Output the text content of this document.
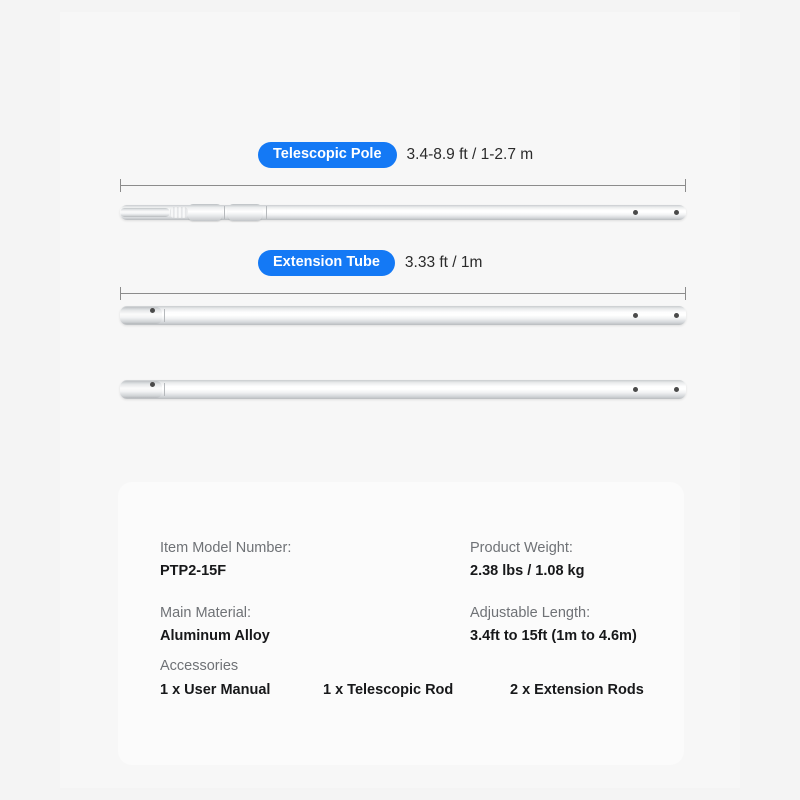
Telescopic Pole	3.4-8.9 ft / 1-2.7 m
Extension Tube	3.33 ft / 1m
Item Model Number:
PTP2-15F
Main Material:
Aluminum Alloy
Product Weight:
2.38 lbs / 1.08 kg
Adjustable Length:
3.4ft to 15ft (1m to 4.6m)
Accessories
1 x User Manual	1 x Telescopic Rod	2 x Extension Rods
